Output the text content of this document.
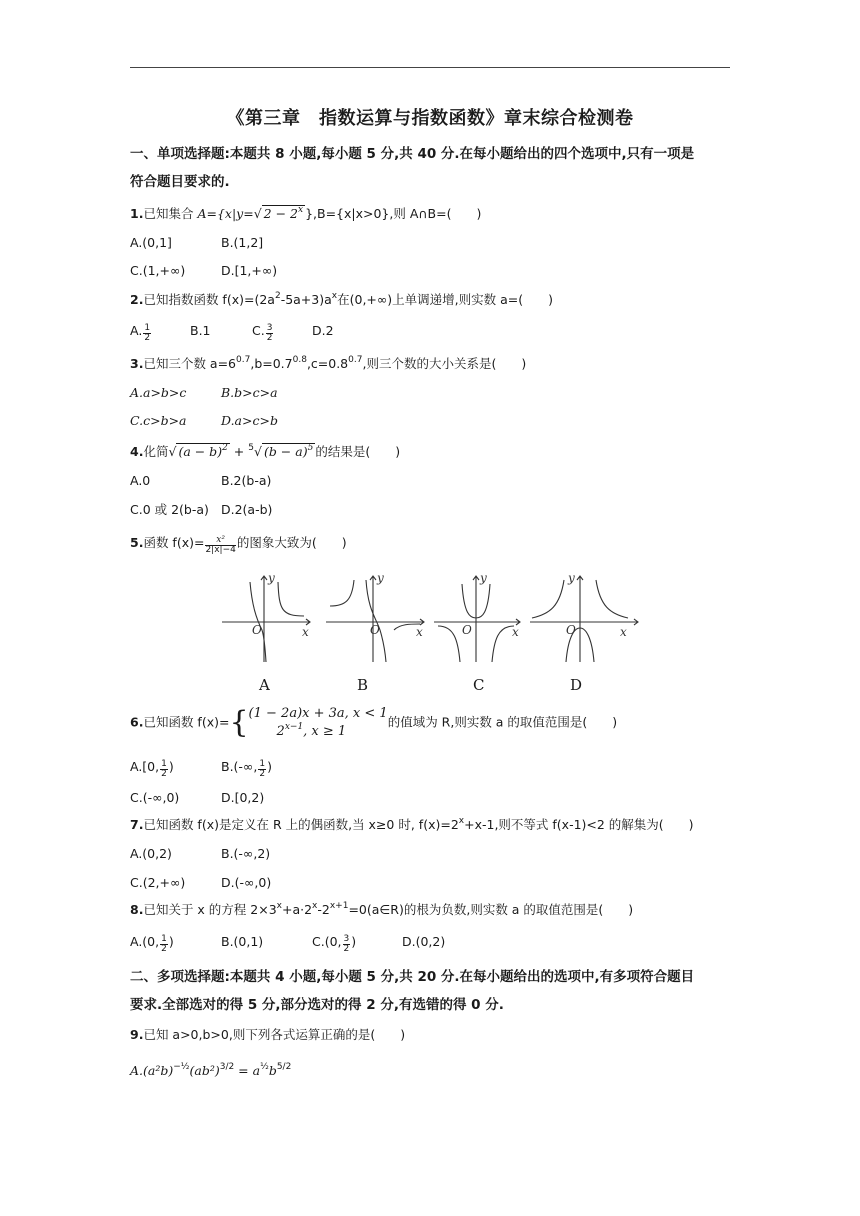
《第三章　指数运算与指数函数》章末综合检测卷
一、单项选择题:本题共 8 小题,每小题 5 分,共 40 分.在每小题给出的四个选项中,只有一项是
符合题目要求的.
1.已知集合 A={x|y=√ $2 - 2^x$ },B={x|x>0},则 A∩B=(　　)
A.(0,1]	B.(1,2]
C.(1,+∞)	D.[1,+∞)
2.已知指数函数 $f(x)=(2a^2-5a+3)a^x$在(0,+∞)上单调递增,则实数 a=(　　)
A. $\frac{1}{2}$	B.1	C. $\frac{3}{2}$	D.2
3.已知三个数 $a=6^{0.7},b=0.7^{0.8},c=0.8^{0.7}$,则三个数的大小关系是(　　)
A.a>b>c	B.b>c>a
C.c>b>a	D.a>c>b
4.化简√ $(a - b)^2 + ^5√$ $(b - a)^5$ 的结果是(　　)
A.0	B.2(b-a)
C.0 或 2(b-a) D.2(a-b)
5.函数 $f(x)= \frac{\text{x²}}{2|x|-4}$ 的图象大致为(　　)
y
O	x
y
O	x
y
O	x
y
O	x
A	B	C	D
6.已知函数 f(x)={ (1 − 2a)x + 3a, x < 1
$2^{x-1}$, x ≥ 1
的值域为 R,则实数 a 的取值范围是(　　)
A.[0, $\frac{1}{2}$ )	B.(-∞, $\frac{1}{2}$ )
C.(-∞,0)	D.[0,2)
7.已知函数 f(x)是定义在 R 上的偶函数,当 x≥0 时, $f(x)=2^x+x-1$,则不等式 f(x-1)<2 的解集为(　　)
A.(0,2)	B.(-∞,2)
C.(2,+∞)	D.(-∞,0)
8.已知关于 x 的方程 $2\times 3^x+a\cdot 2^x-2^{x+1}=0(a\in R)$的根为负数,则实数 a 的取值范围是(　　)
A.(0, $\frac{1}{2}$ )	B.(0,1)	C.(0, $\frac{3}{2}$ )	D.(0,2)
二、多项选择题:本题共 4 小题,每小题 5 分,共 20 分.在每小题给出的选项中,有多项符合题目
要求.全部选对的得 5 分,部分选对的得 2 分,有选错的得 0 分.
9.已知 a>0,b>0,则下列各式运算正确的是(　　)
$A.(a^2b)^{-\frac{1}{2}}(ab^2)^{3/2} = a^{\frac{1}{2}}b^{5/2}$
